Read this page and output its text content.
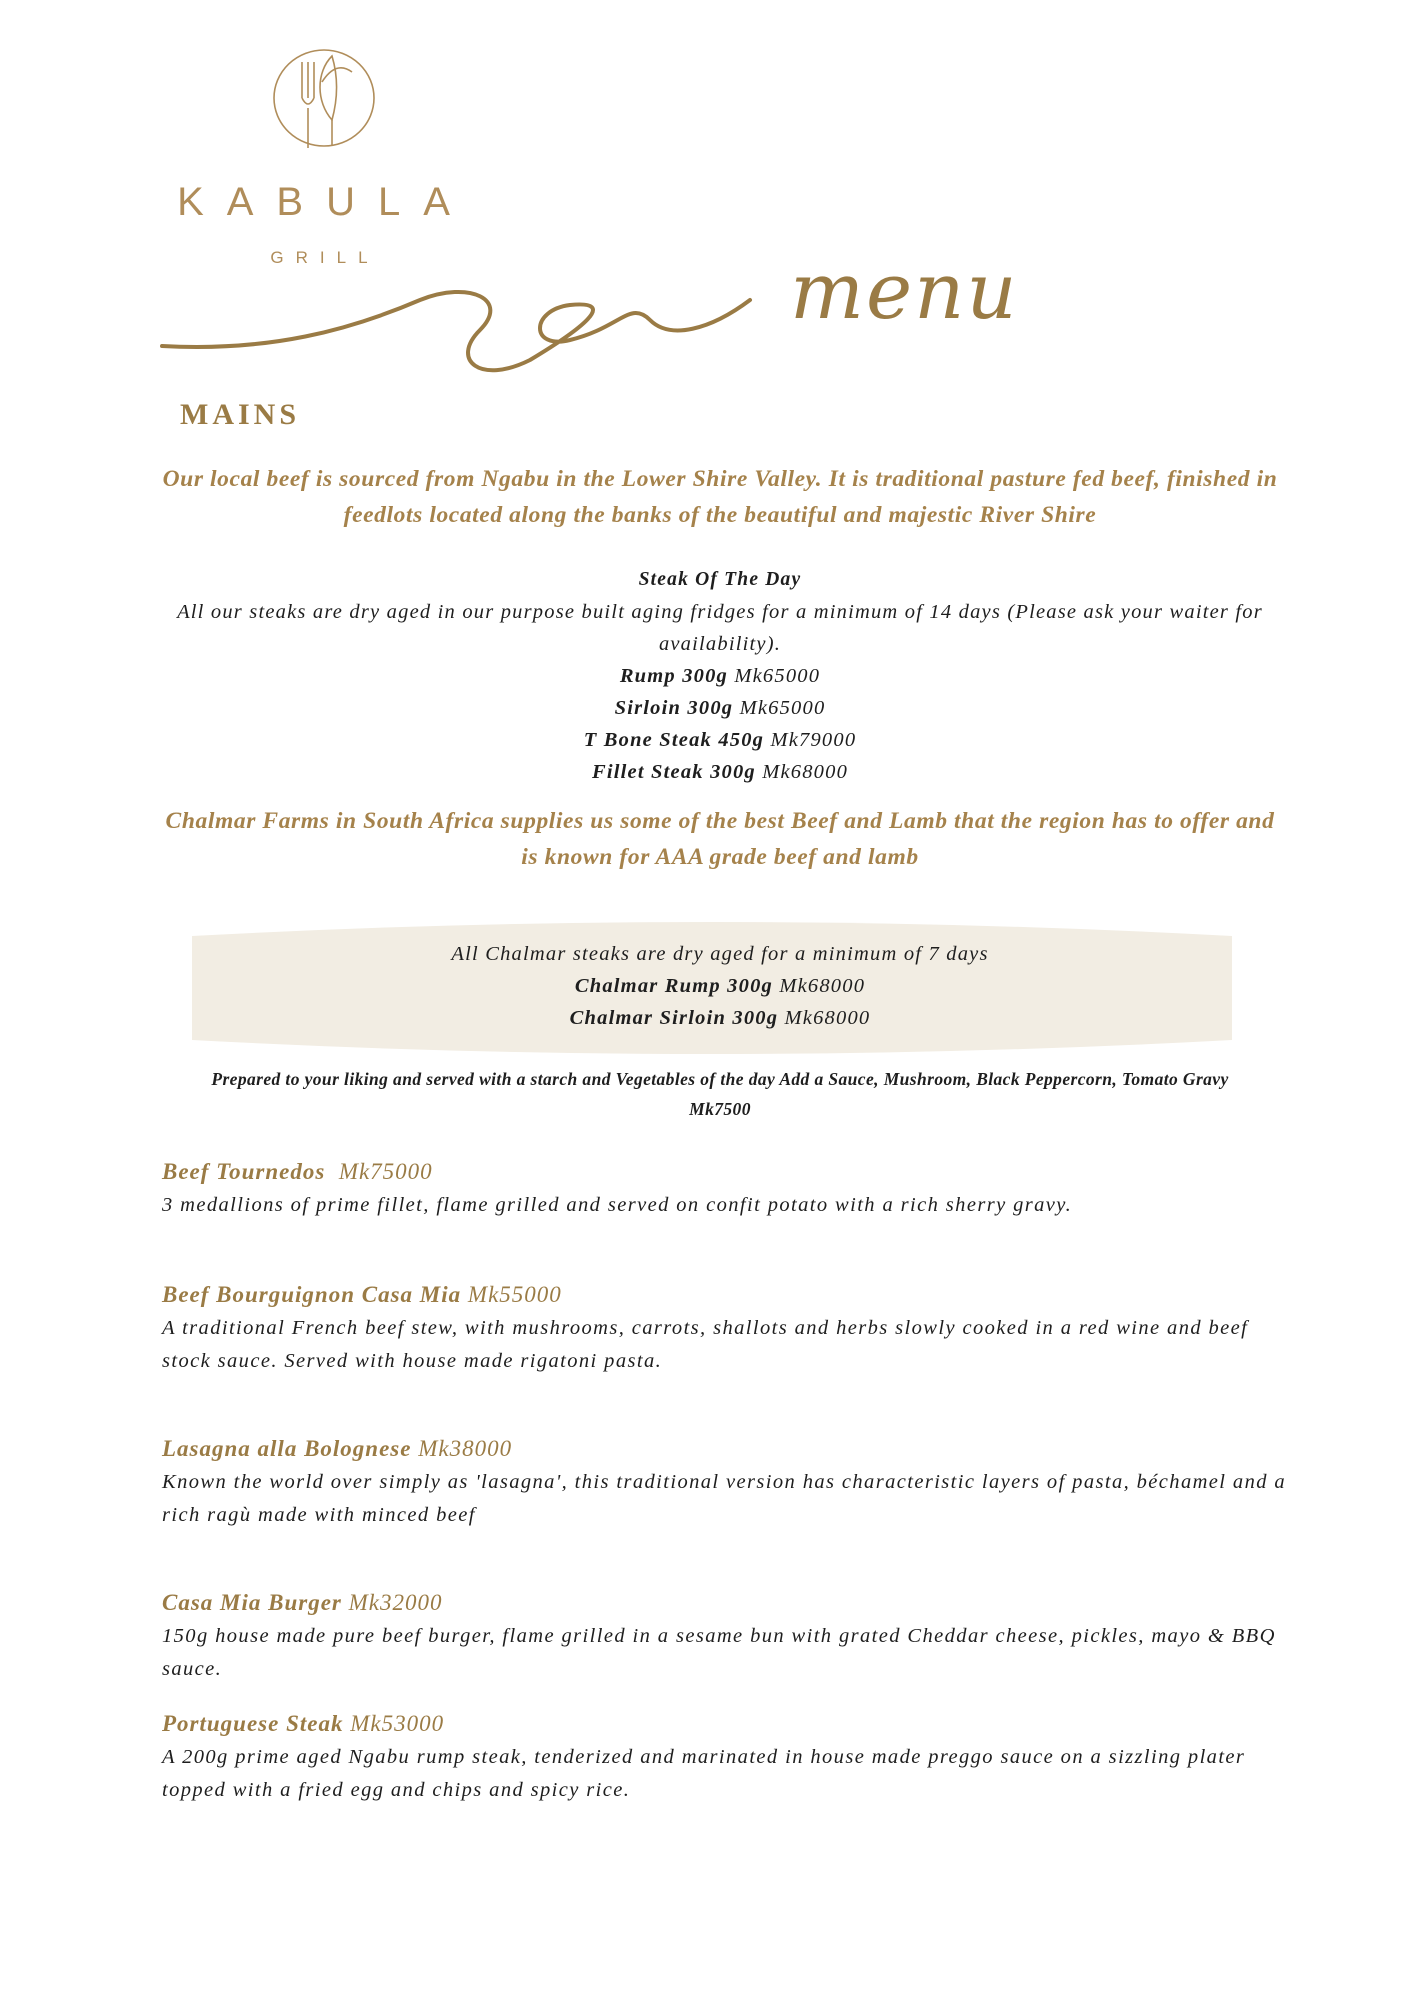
KABULA
GRILL	menu
MAINS
Our local beef is sourced from Ngabu in the Lower Shire Valley. It is traditional pasture fed beef, finished in feedlots located along the banks of the beautiful and majestic River Shire
Steak Of The Day
All our steaks are dry aged in our purpose built aging fridges for a minimum of 14 days (Please ask your waiter for availability).
Rump 300g Mk65000
Sirloin 300g Mk65000
T Bone Steak 450g Mk79000
Fillet Steak 300g Mk68000
Chalmar Farms in South Africa supplies us some of the best Beef and Lamb that the region has to offer and is known for AAA grade beef and lamb
All Chalmar steaks are dry aged for a minimum of 7 days
Chalmar Rump 300g Mk68000
Chalmar Sirloin 300g Mk68000
Prepared to your liking and served with a starch and Vegetables of the day Add a Sauce, Mushroom, Black Peppercorn, Tomato Gravy
Mk7500
Beef Tournedos Mk75000
3 medallions of prime fillet, flame grilled and served on confit potato with a rich sherry gravy.
Beef Bourguignon Casa Mia Mk55000
A traditional French beef stew, with mushrooms, carrots, shallots and herbs slowly cooked in a red wine and beef stock sauce. Served with house made rigatoni pasta.
Lasagna alla Bolognese Mk38000
Known the world over simply as 'lasagna', this traditional version has characteristic layers of pasta, béchamel and a rich ragù made with minced beef
Casa Mia Burger Mk32000
150g house made pure beef burger, flame grilled in a sesame bun with grated Cheddar cheese, pickles, mayo & BBQ sauce.
Portuguese Steak Mk53000
A 200g prime aged Ngabu rump steak, tenderized and marinated in house made preggo sauce on a sizzling plater topped with a fried egg and chips and spicy rice.
